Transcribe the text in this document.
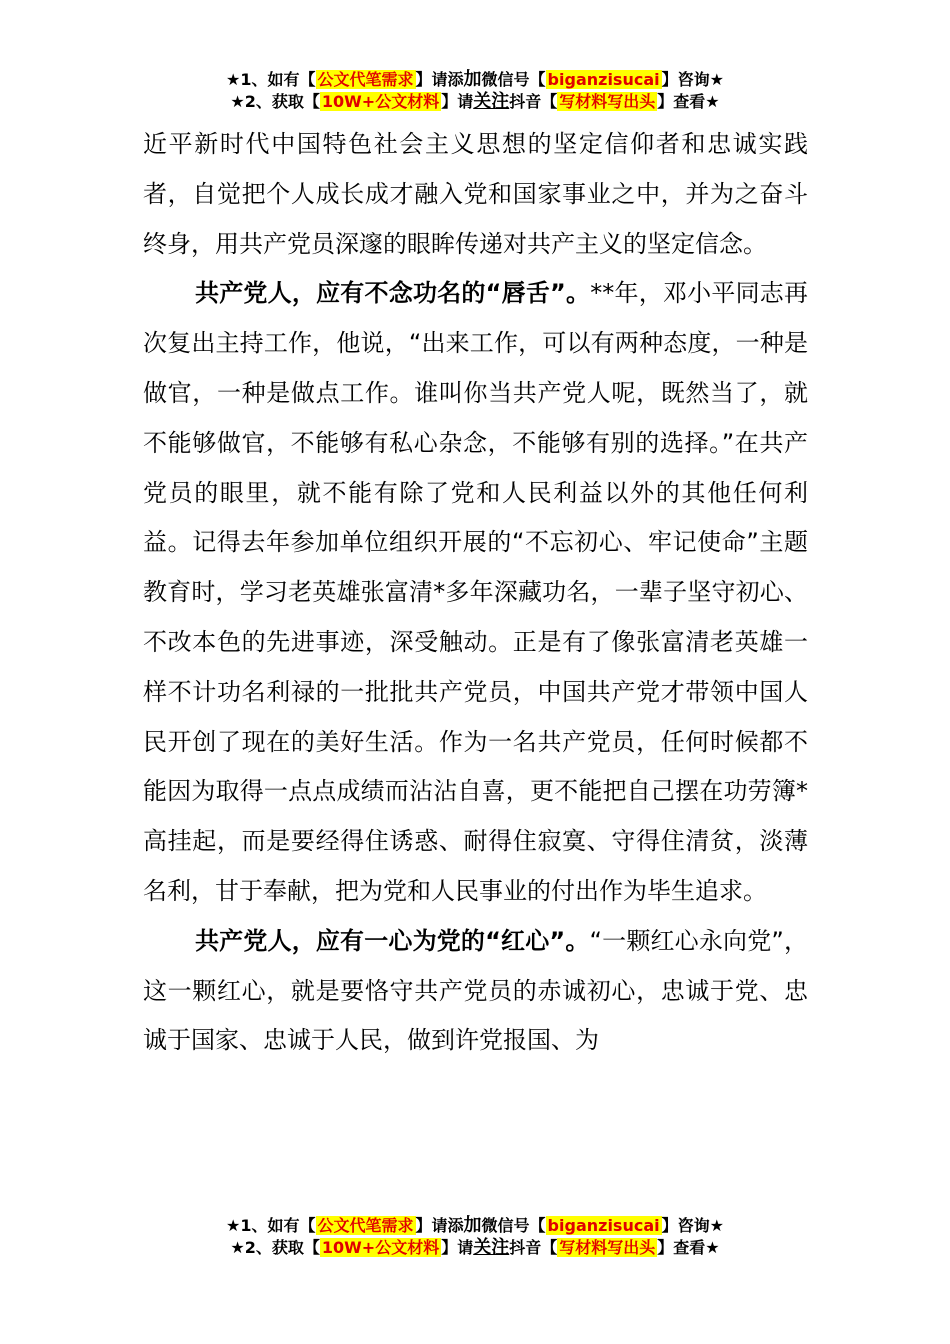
★1、如有【 公文代笔需求 】请添加微信号【 biganzisucai 】咨询★
★2、获取【 10W+公文材料 】请关注抖音【 写材料写出头 】查看★

近平新时代中国特色社会主义思想的坚定信仰者和忠诚实践者，自觉把个人成长成才融入党和国家事业之中，并为之奋斗终身，用共产党员深邃的眼眸传递对共产主义的坚定信念。

共产党人，应有不念功名的“唇舌”。**年，邓小平同志再次复出主持工作，他说，“出来工作，可以有两种态度，一种是做官，一种是做点工作。谁叫你当共产党人呢，既然当了，就不能够做官，不能够有私心杂念，不能够有别的选择。”在共产党员的眼里，就不能有除了党和人民利益以外的其他任何利益。记得去年参加单位组织开展的“不忘初心、牢记使命”主题教育时，学习老英雄张富清*多年深藏功名，一辈子坚守初心、不改本色的先进事迹，深受触动。正是有了像张富清老英雄一样不计功名利禄的一批批共产党员，中国共产党才带领中国人民开创了现在的美好生活。作为一名共产党员，任何时候都不能因为取得一点点成绩而沾沾自喜，更不能把自己摆在功劳簿*高挂起，而是要经得住诱惑、耐得住寂寞、守得住清贫，淡薄名利，甘于奉献，把为党和人民事业的付出作为毕生追求。

共产党人，应有一心为党的“红心”。“一颗红心永向党”，这一颗红心，就是要恪守共产党员的赤诚初心，忠诚于党、忠诚于国家、忠诚于人民，做到许党报国、为

★1、如有【 公文代笔需求 】请添加微信号【 biganzisucai 】咨询★
★2、获取【 10W+公文材料 】请关注抖音【 写材料写出头 】查看★
